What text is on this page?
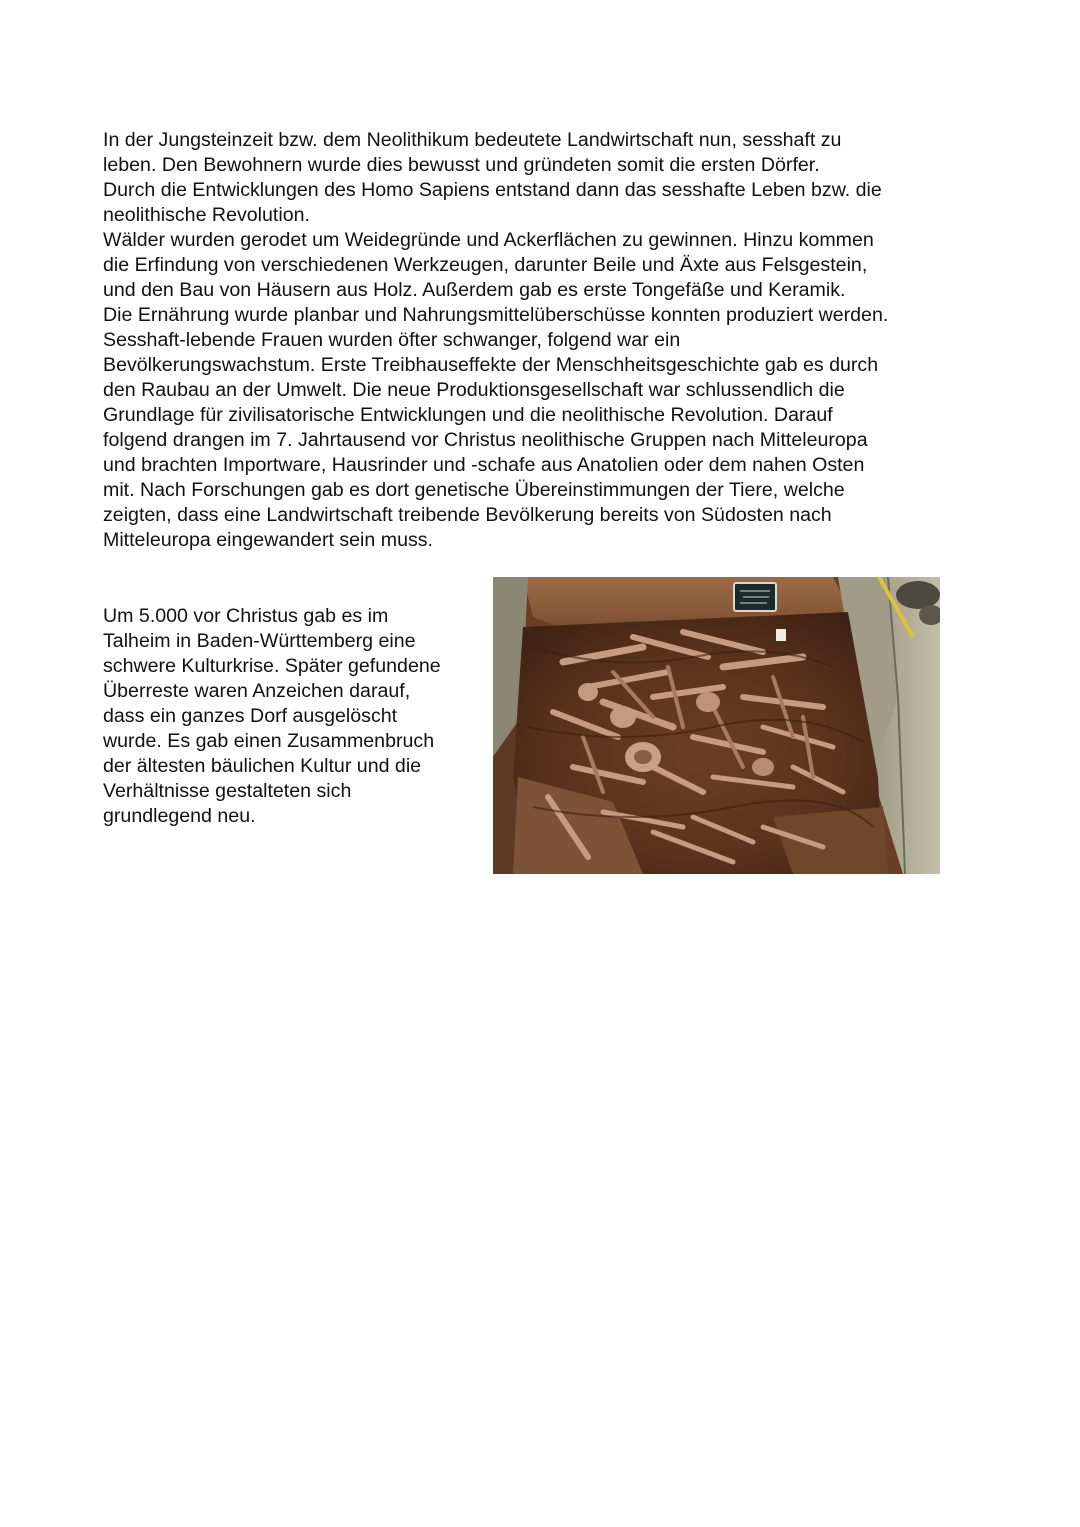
In der Jungsteinzeit bzw. dem Neolithikum bedeutete Landwirtschaft nun, sesshaft zu
leben. Den Bewohnern wurde dies bewusst und gründeten somit die ersten Dörfer.
Durch die Entwicklungen des Homo Sapiens entstand dann das sesshafte Leben bzw. die
neolithische Revolution.
Wälder wurden gerodet um Weidegründe und Ackerflächen zu gewinnen. Hinzu kommen
die Erfindung von verschiedenen Werkzeugen, darunter Beile und Äxte aus Felsgestein,
und den Bau von Häusern aus Holz. Außerdem gab es erste Tongefäße und Keramik.
Die Ernährung wurde planbar und Nahrungsmittelüberschüsse konnten produziert werden.
Sesshaft-lebende Frauen wurden öfter schwanger, folgend war ein
Bevölkerungswachstum. Erste Treibhauseffekte der Menschheitsgeschichte gab es durch
den Raubau an der Umwelt. Die neue Produktionsgesellschaft war schlussendlich die
Grundlage für zivilisatorische Entwicklungen und die neolithische Revolution. Darauf
folgend drangen im 7. Jahrtausend vor Christus neolithische Gruppen nach Mitteleuropa
und brachten Importware, Hausrinder und -schafe aus Anatolien oder dem nahen Osten
mit. Nach Forschungen gab es dort genetische Übereinstimmungen der Tiere, welche
zeigten, dass eine Landwirtschaft treibende Bevölkerung bereits von Südosten nach
Mitteleuropa eingewandert sein muss.
Um 5.000 vor Christus gab es im
Talheim in Baden-Württemberg eine
schwere Kulturkrise. Später gefundene
Überreste waren Anzeichen darauf,
dass ein ganzes Dorf ausgelöscht
wurde. Es gab einen Zusammenbruch
der ältesten bäulichen Kultur und die
Verhältnisse gestalteten sich
grundlegend neu.
